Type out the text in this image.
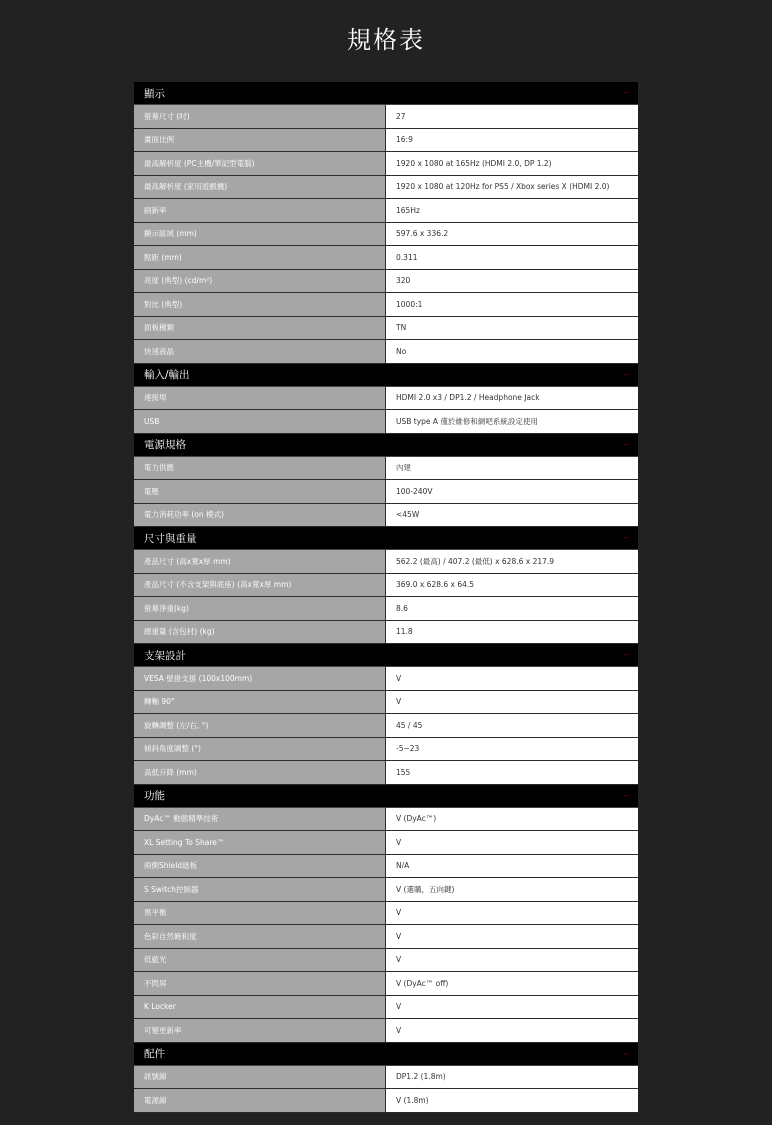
規格表
顯示	–
螢幕尺寸 (吋)	27
畫面比例	16:9
最高解析度 (PC主機/筆記型電腦)	1920 x 1080 at 165Hz (HDMI 2.0, DP 1.2)
最高解析度 (家用遊戲機)	1920 x 1080 at 120Hz for PS5 / Xbox series X (HDMI 2.0)
刷新率	165Hz
顯示區域 (mm)	597.6 x 336.2
點距 (mm)	0.311
亮度 (典型) (cd/m²)	320
對比 (典型)	1000:1
面板種類	TN
快速液晶	No
輸入/輸出	–
連接埠	HDMI 2.0 x3 / DP1.2 / Headphone Jack
USB	USB type A 僅於維修和網吧系統設定使用
電源規格	–
電力供應	內建
電壓	100-240V
電力消耗功率 (on 模式)	<45W
尺寸與重量	–
產品尺寸 (高x寬x厚 mm)	562.2 (最高) / 407.2 (最低) x 628.6 x 217.9
產品尺寸 (不含支架與底座) (高x寬x厚 mm)	369.0 x 628.6 x 64.5
螢幕淨重(kg)	8.6
總重量 (含包材) (kg)	11.8
支架設計	–
VESA 壁掛支援 (100x100mm)	V
轉軸 90°	V
旋轉調整 (左/右, °)	45 / 45
傾斜角度調整 (°)	-5~23
高低升降 (mm)	155
功能	–
DyAc™ 動態精準技術	V (DyAc™)
XL Setting To Share™	V
兩側Shield遮板	N/A
S Switch控制器	V (選購，五向鍵)
黑平衡	V
色彩自然飽和度	V
低藍光	V
不閃屏	V (DyAc™ off)
K Locker	V
可變更新率	V
配件	–
訊號線	DP1.2 (1.8m)
電源線	V (1.8m)
